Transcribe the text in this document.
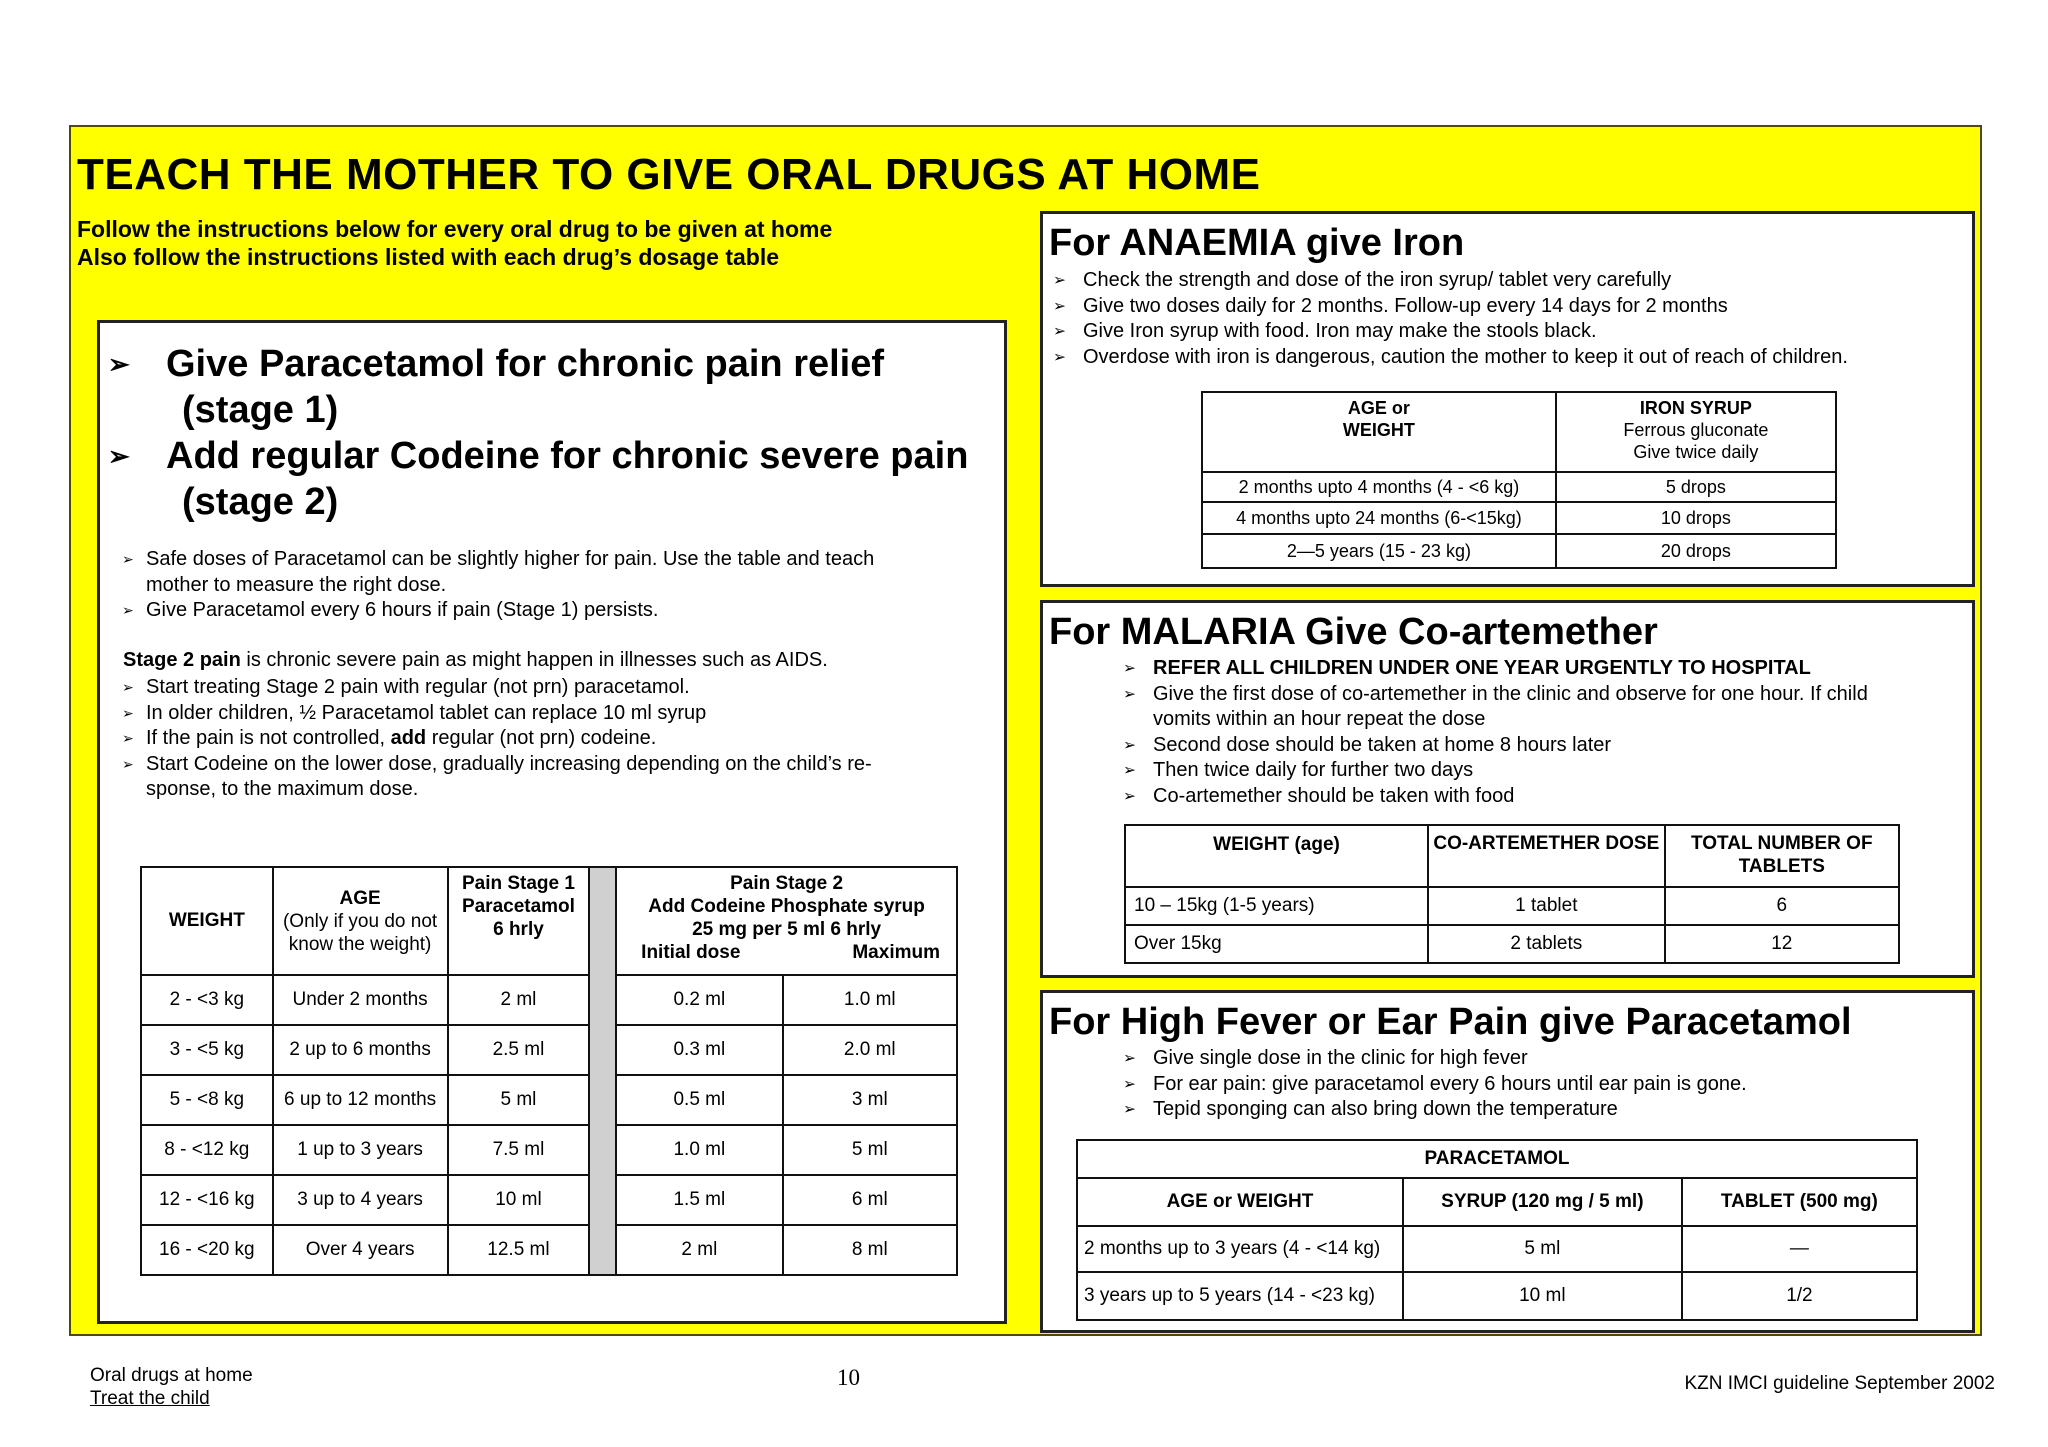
TEACH THE MOTHER TO GIVE ORAL DRUGS AT HOME
Follow the instructions below for every oral drug to be given at home
Also follow the instructions listed with each drug’s dosage table
➢ Give Paracetamol for chronic pain relief
(stage 1)
➢ Add regular Codeine for chronic severe pain
(stage 2)
➢ Safe doses of Paracetamol can be slightly higher for pain. Use the table and teach
mother to measure the right dose.
➢ Give Paracetamol every 6 hours if pain (Stage 1) persists.
Stage 2 pain is chronic severe pain as might happen in illnesses such as AIDS.
➢ Start treating Stage 2 pain with regular (not prn) paracetamol.
➢ In older children, ½ Paracetamol tablet can replace 10 ml syrup
➢ If the pain is not controlled, add regular (not prn) codeine.
➢ Start Codeine on the lower dose, gradually increasing depending on the child’s re-
sponse, to the maximum dose.
WEIGHT	AGE
(Only if you do not
know the weight)	Pain Stage 1
Paracetamol
6 hrly		Pain Stage 2
Add Codeine Phosphate syrup
25 mg per 5 ml 6 hrly
Initial dose Maximum	

2 - <3 kg	Under 2 months	2 ml		0.2 ml	1.0 ml
3 - <5 kg	2 up to 6 months	2.5 ml		0.3 ml	2.0 ml
5 - <8 kg	6 up to 12 months	5 ml		0.5 ml	3 ml
8 - <12 kg	1 up to 3 years	7.5 ml		1.0 ml	5 ml
12 - <16 kg	3 up to 4 years	10 ml		1.5 ml	6 ml
16 - <20 kg	Over 4 years	12.5 ml		2 ml	8 ml
For ANAEMIA give Iron
➢ Check the strength and dose of the iron syrup/ tablet very carefully
➢ Give two doses daily for 2 months. Follow-up every 14 days for 2 months
➢ Give Iron syrup with food. Iron may make the stools black.
➢ Overdose with iron is dangerous, caution the mother to keep it out of reach of children.
AGE or
WEIGHT	IRON SYRUP
Ferrous gluconate
Give twice daily
2 months upto 4 months (4 - <6 kg)	5 drops
4 months upto 24 months (6-<15kg)	10 drops
2—5 years (15 - 23 kg)	20 drops
For MALARIA Give Co-artemether
➢ REFER ALL CHILDREN UNDER ONE YEAR URGENTLY TO HOSPITAL
➢ Give the first dose of co-artemether in the clinic and observe for one hour. If child
vomits within an hour repeat the dose
➢ Second dose should be taken at home 8 hours later
➢ Then twice daily for further two days
➢ Co-artemether should be taken with food
WEIGHT (age)	CO-ARTEMETHER DOSE	TOTAL NUMBER OF TABLETS
10 – 15kg (1-5 years)	1 tablet	6
Over 15kg	2 tablets	12
For High Fever or Ear Pain give Paracetamol
➢ Give single dose in the clinic for high fever
➢ For ear pain: give paracetamol every 6 hours until ear pain is gone.
➢ Tepid sponging can also bring down the temperature
PARACETAMOL		
AGE or WEIGHT	SYRUP (120 mg / 5 ml)	TABLET (500 mg)
2 months up to 3 years (4 - <14 kg)	5 ml	—
3 years up to 5 years (14 - <23 kg)	10 ml	1/2
Oral drugs at home
Treat the child
10	KZN IMCI guideline September 2002
